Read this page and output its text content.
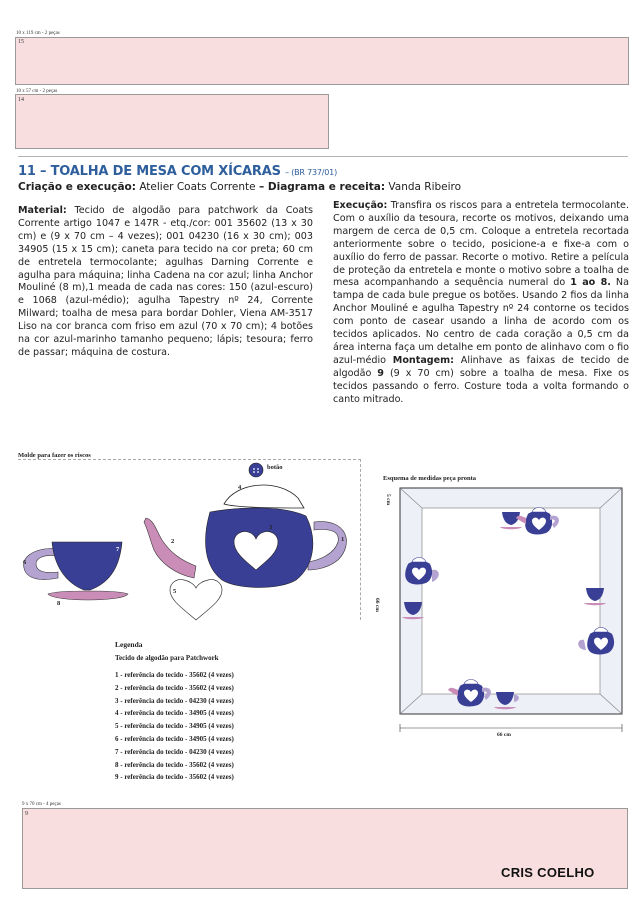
10 x 119 cm - 2 peças
15
10 x 57 cm - 2 peças
14
11 – TOALHA DE MESA COM XÍCARAS – (BR 737/01)
Criação e execução: Atelier Coats Corrente – Diagrama e receita: Vanda Ribeiro
Material: Tecido de algodão para patchwork da Coats Corrente artigo 1047 e 147R - etq./cor: 001 35602 (13 x 30 cm) e (9 x 70 cm – 4 vezes); 001 04230 (16 x 30 cm); 003 34905 (15 x 15 cm); caneta para tecido na cor preta; 60 cm de entretela termocolante; agulhas Darning Corrente e agulha para máquina; linha Cadena na cor azul; linha Anchor Mouliné (8 m),1 meada de cada nas cores: 150 (azul-escuro) e 1068 (azul-médio); agulha Tapestry nº 24, Corrente Milward; toalha de mesa para bordar Dohler, Viena AM-3517 Liso na cor branca com friso em azul (70 x 70 cm); 4 botões na cor azul-marinho tamanho pequeno; lápis; tesoura; ferro de passar; máquina de costura.
Execução: Transfira os riscos para a entretela termocolante. Com o auxílio da tesoura, recorte os motivos, deixando uma margem de cerca de 0,5 cm. Coloque a entretela recortada anteriormente sobre o tecido, posicione-a e fixe-a com o auxílio do ferro de passar. Recorte o motivo. Retire a película de proteção da entretela e monte o motivo sobre a toalha de mesa acompanhando a sequência numeral do 1 ao 8. Na tampa de cada bule pregue os botões. Usando 2 fios da linha Anchor Mouliné e agulha Tapestry nº 24 contorne os tecidos com ponto de casear usando a linha de acordo com os tecidos aplicados. No centro de cada coração a 0,5 cm da área interna faça um detalhe em ponto de alinhavo com o fio azul-médio Montagem: Alinhave as faixas de tecido de algodão 9 (9 x 70 cm) sobre a toalha de mesa. Fixe os tecidos passando o ferro. Costure toda a volta formando o canto mitrado.
Molde para fazer os riscos
botão
1
2
3
4
5
6
7
8
Legenda
Tecido de algodão para Patchwork
1 - referência do tecido - 35602 (4 vezes)
2 - referência do tecido - 35602 (4 vezes)
3 - referência do tecido - 04230 (4 vezes)
4 - referência do tecido - 34905 (4 vezes)
5 - referência do tecido - 34905 (4 vezes)
6 - referência do tecido - 34905 (4 vezes)
7 - referência do tecido - 04230 (4 vezes)
8 - referência do tecido - 35602 (4 vezes)
9 - referência do tecido - 35602 (4 vezes)
Esquema de medidas peça pronta
5 cm
66 cm
66 cm
9 x 70 cm - 4 peças
9
CRIS COELHO
